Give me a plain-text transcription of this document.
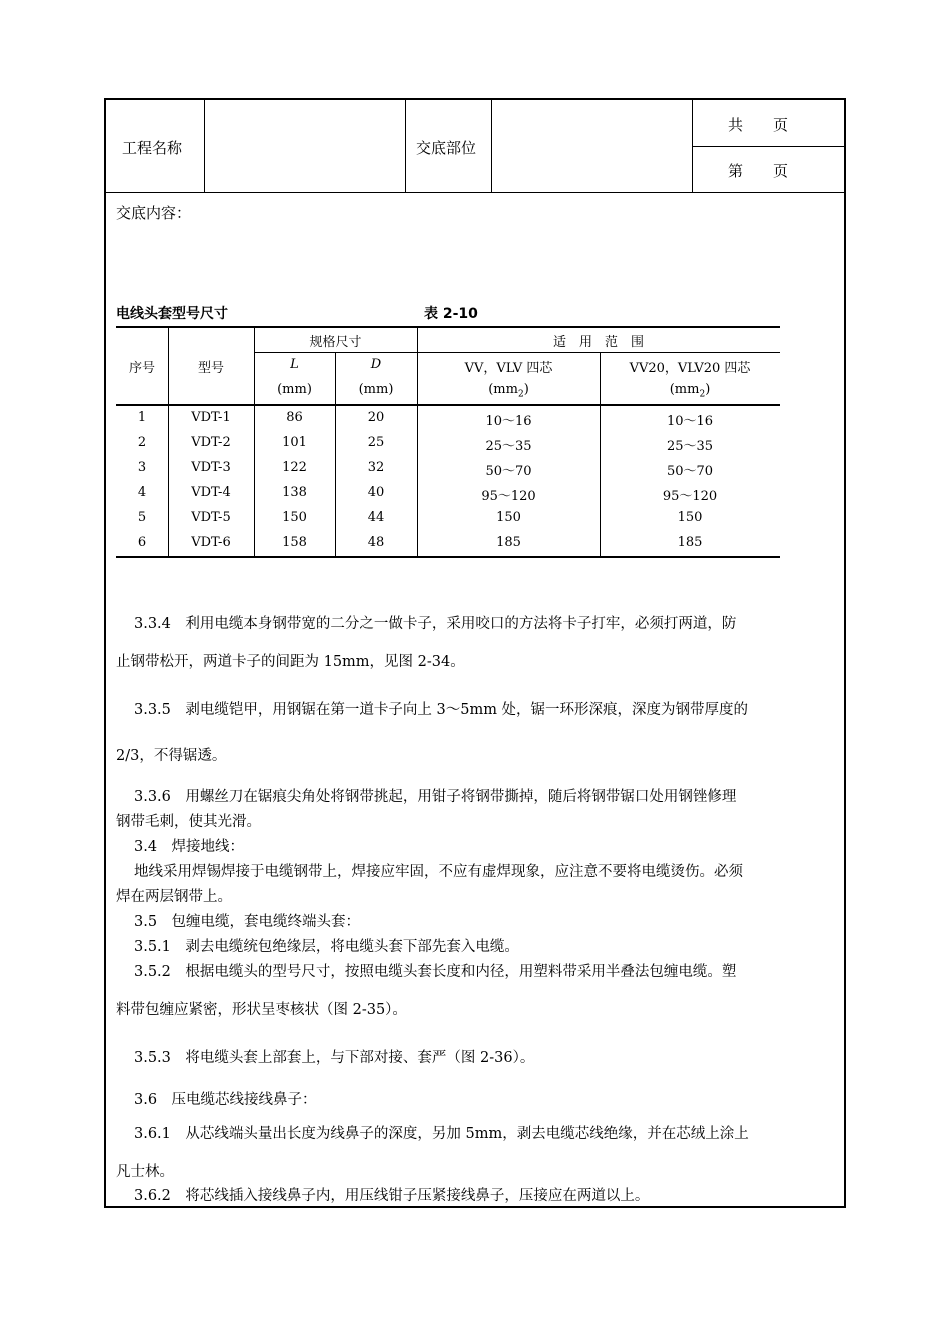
工程名称	交底部位
共　　页
第　　页
交底内容：
电线头套型号尺寸	表 2-10
序号	型号
规格尺寸	适　用　范　围
L	D
(mm)	(mm)
VV，VLV 四芯	VV20，VLV20 四芯
$(mm_2)$	$(mm_2)$
1	VDT-1	86	20	10～16	10～16
2	VDT-2	101	25	25～35	25～35
3	VDT-3	122	32	50～70	50～70
4	VDT-4	138	40	95～120	95～120
5	VDT-5	150	44	150	150
6	VDT-6	158	48	185	185
3.3.4　利用电缆本身钢带宽的二分之一做卡子，采用咬口的方法将卡子打牢，必须打两道，防
止钢带松开，两道卡子的间距为 15mm，见图 2-34。
3.3.5　剥电缆铠甲，用钢锯在第一道卡子向上 3～5mm 处，锯一环形深痕，深度为钢带厚度的
2/3，不得锯透。
3.3.6　用螺丝刀在锯痕尖角处将钢带挑起，用钳子将钢带撕掉，随后将钢带锯口处用钢锉修理
钢带毛刺，使其光滑。
3.4　焊接地线：
地线采用焊锡焊接于电缆钢带上，焊接应牢固，不应有虚焊现象，应注意不要将电缆烫伤。必须
焊在两层钢带上。
3.5　包缠电缆，套电缆终端头套：
3.5.1　剥去电缆统包绝缘层，将电缆头套下部先套入电缆。
3.5.2　根据电缆头的型号尺寸，按照电缆头套长度和内径，用塑料带采用半叠法包缠电缆。塑
料带包缠应紧密，形状呈枣核状（图 2-35）。
3.5.3　将电缆头套上部套上，与下部对接、套严（图 2-36）。
3.6　压电缆芯线接线鼻子：
3.6.1　从芯线端头量出长度为线鼻子的深度，另加 5mm，剥去电缆芯线绝缘，并在芯绒上涂上
凡士林。
3.6.2　将芯线插入接线鼻子内，用压线钳子压紧接线鼻子，压接应在两道以上。
